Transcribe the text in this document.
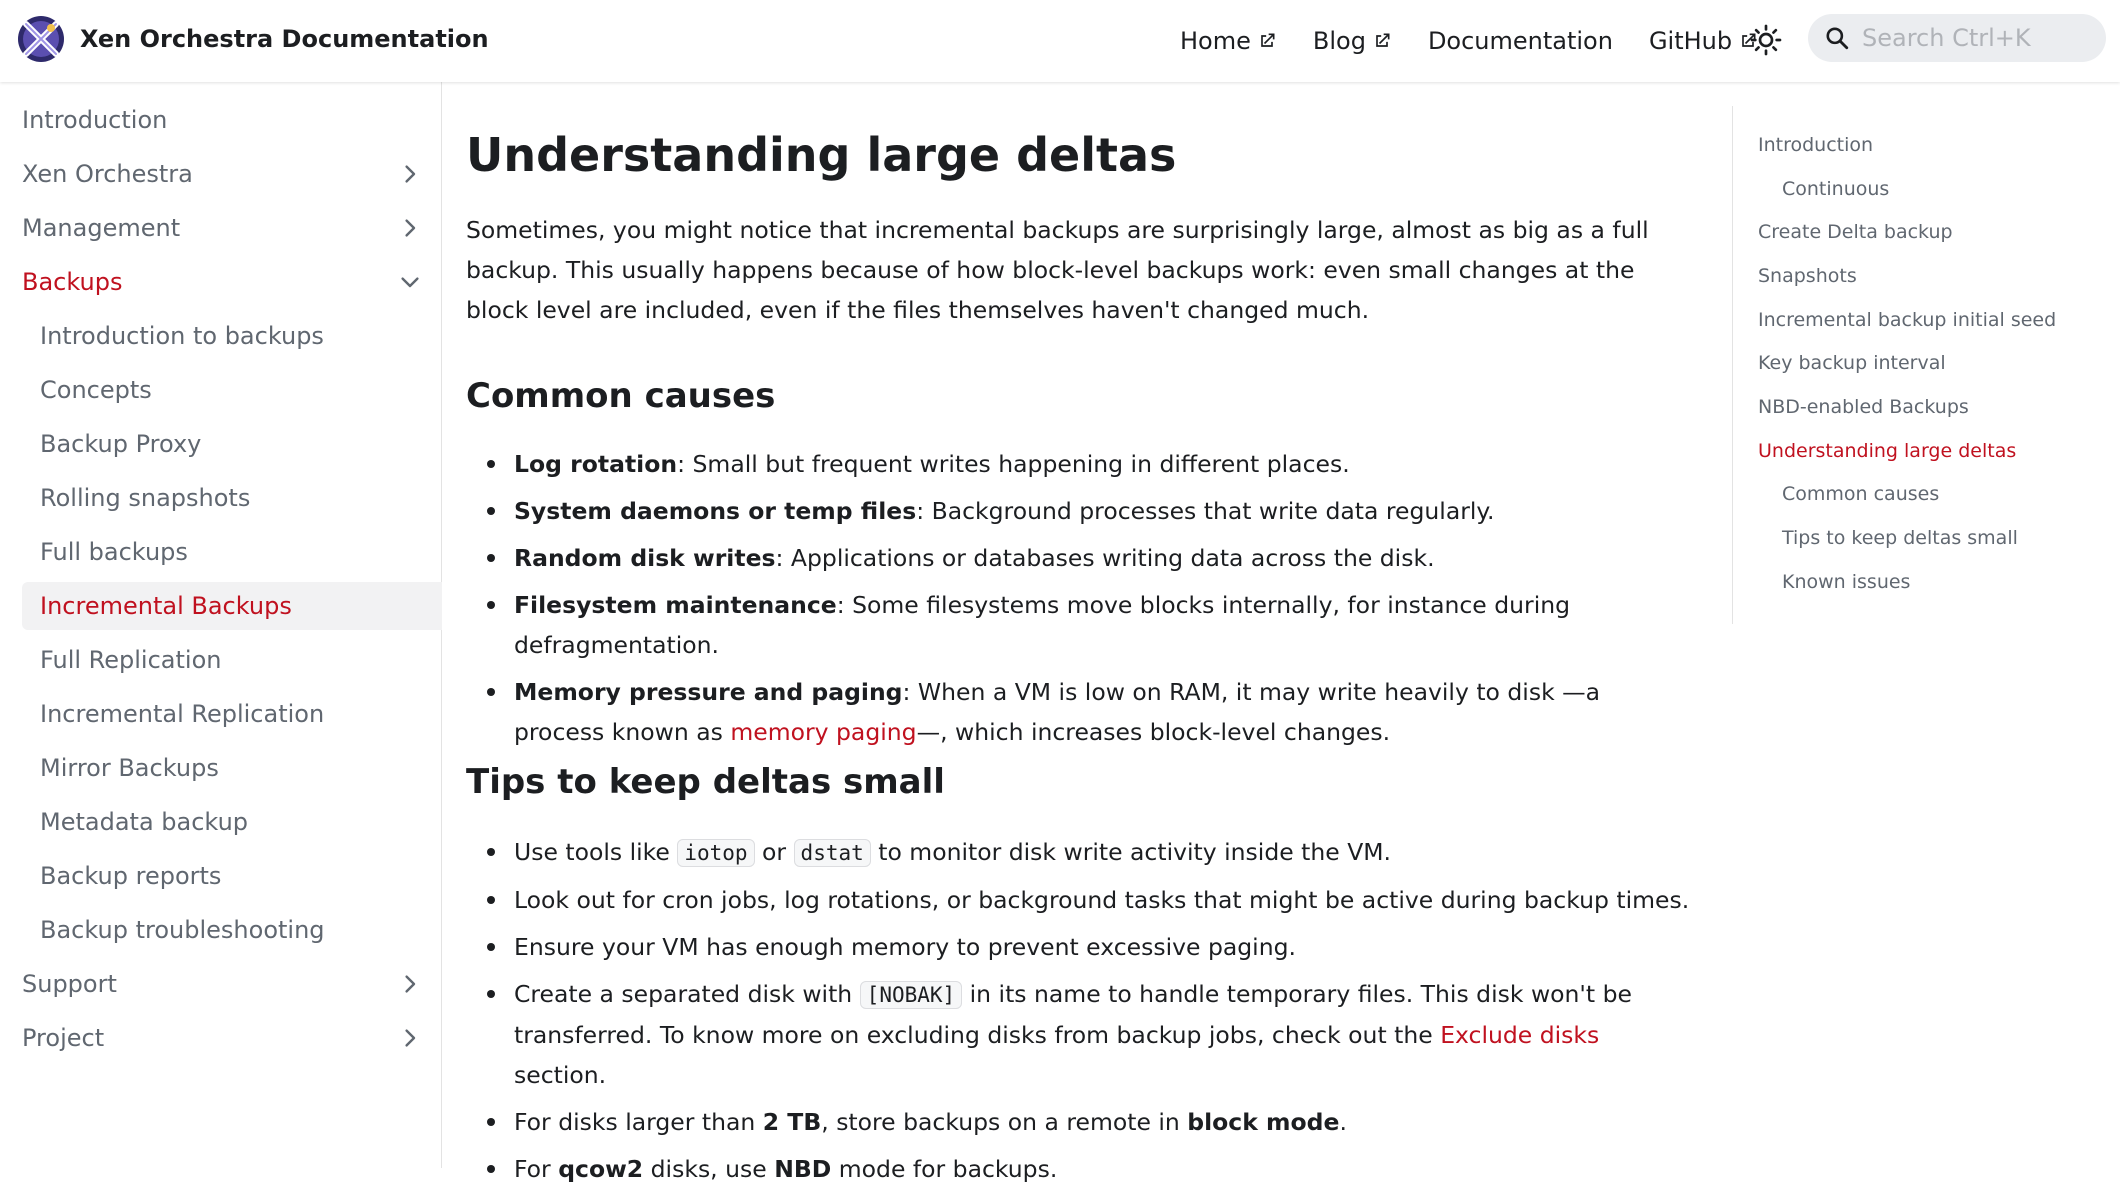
Xen Orchestra Documentation	Home	Blog	Documentation GitHub
Search Ctrl+K
Introduction
Xen Orchestra
Management
Backups
Introduction to backups
Concepts
Backup Proxy
Rolling snapshots
Full backups
Incremental Backups
Full Replication
Incremental Replication
Mirror Backups
Metadata backup
Backup reports
Backup troubleshooting
Support
Project
Understanding large deltas

Sometimes, you might notice that incremental backups are surprisingly large, almost as big as a full backup. This usually happens because of how block-level backups work: even small changes at the block level are included, even if the files themselves haven't changed much.

Common causes
Log rotation: Small but frequent writes happening in different places.
System daemons or temp files: Background processes that write data regularly.
Random disk writes: Applications or databases writing data across the disk.
Filesystem maintenance: Some filesystems move blocks internally, for instance during defragmentation.
Memory pressure and paging: When a VM is low on RAM, it may write heavily to disk —a process known as memory paging—, which increases block-level changes.
Tips to keep deltas small
Use tools like iotop or dstat to monitor disk write activity inside the VM.
Look out for cron jobs, log rotations, or background tasks that might be active during backup times.
Ensure your VM has enough memory to prevent excessive paging.
Create a separated disk with [NOBAK] in its name to handle temporary files. This disk won't be transferred. To know more on excluding disks from backup jobs, check out the Exclude disks section.
For disks larger than 2 TB, store backups on a remote in block mode.
For qcow2 disks, use NBD mode for backups.
Introduction
Continuous
Create Delta backup
Snapshots
Incremental backup initial seed
Key backup interval
NBD-enabled Backups
Understanding large deltas
Common causes
Tips to keep deltas small
Known issues
